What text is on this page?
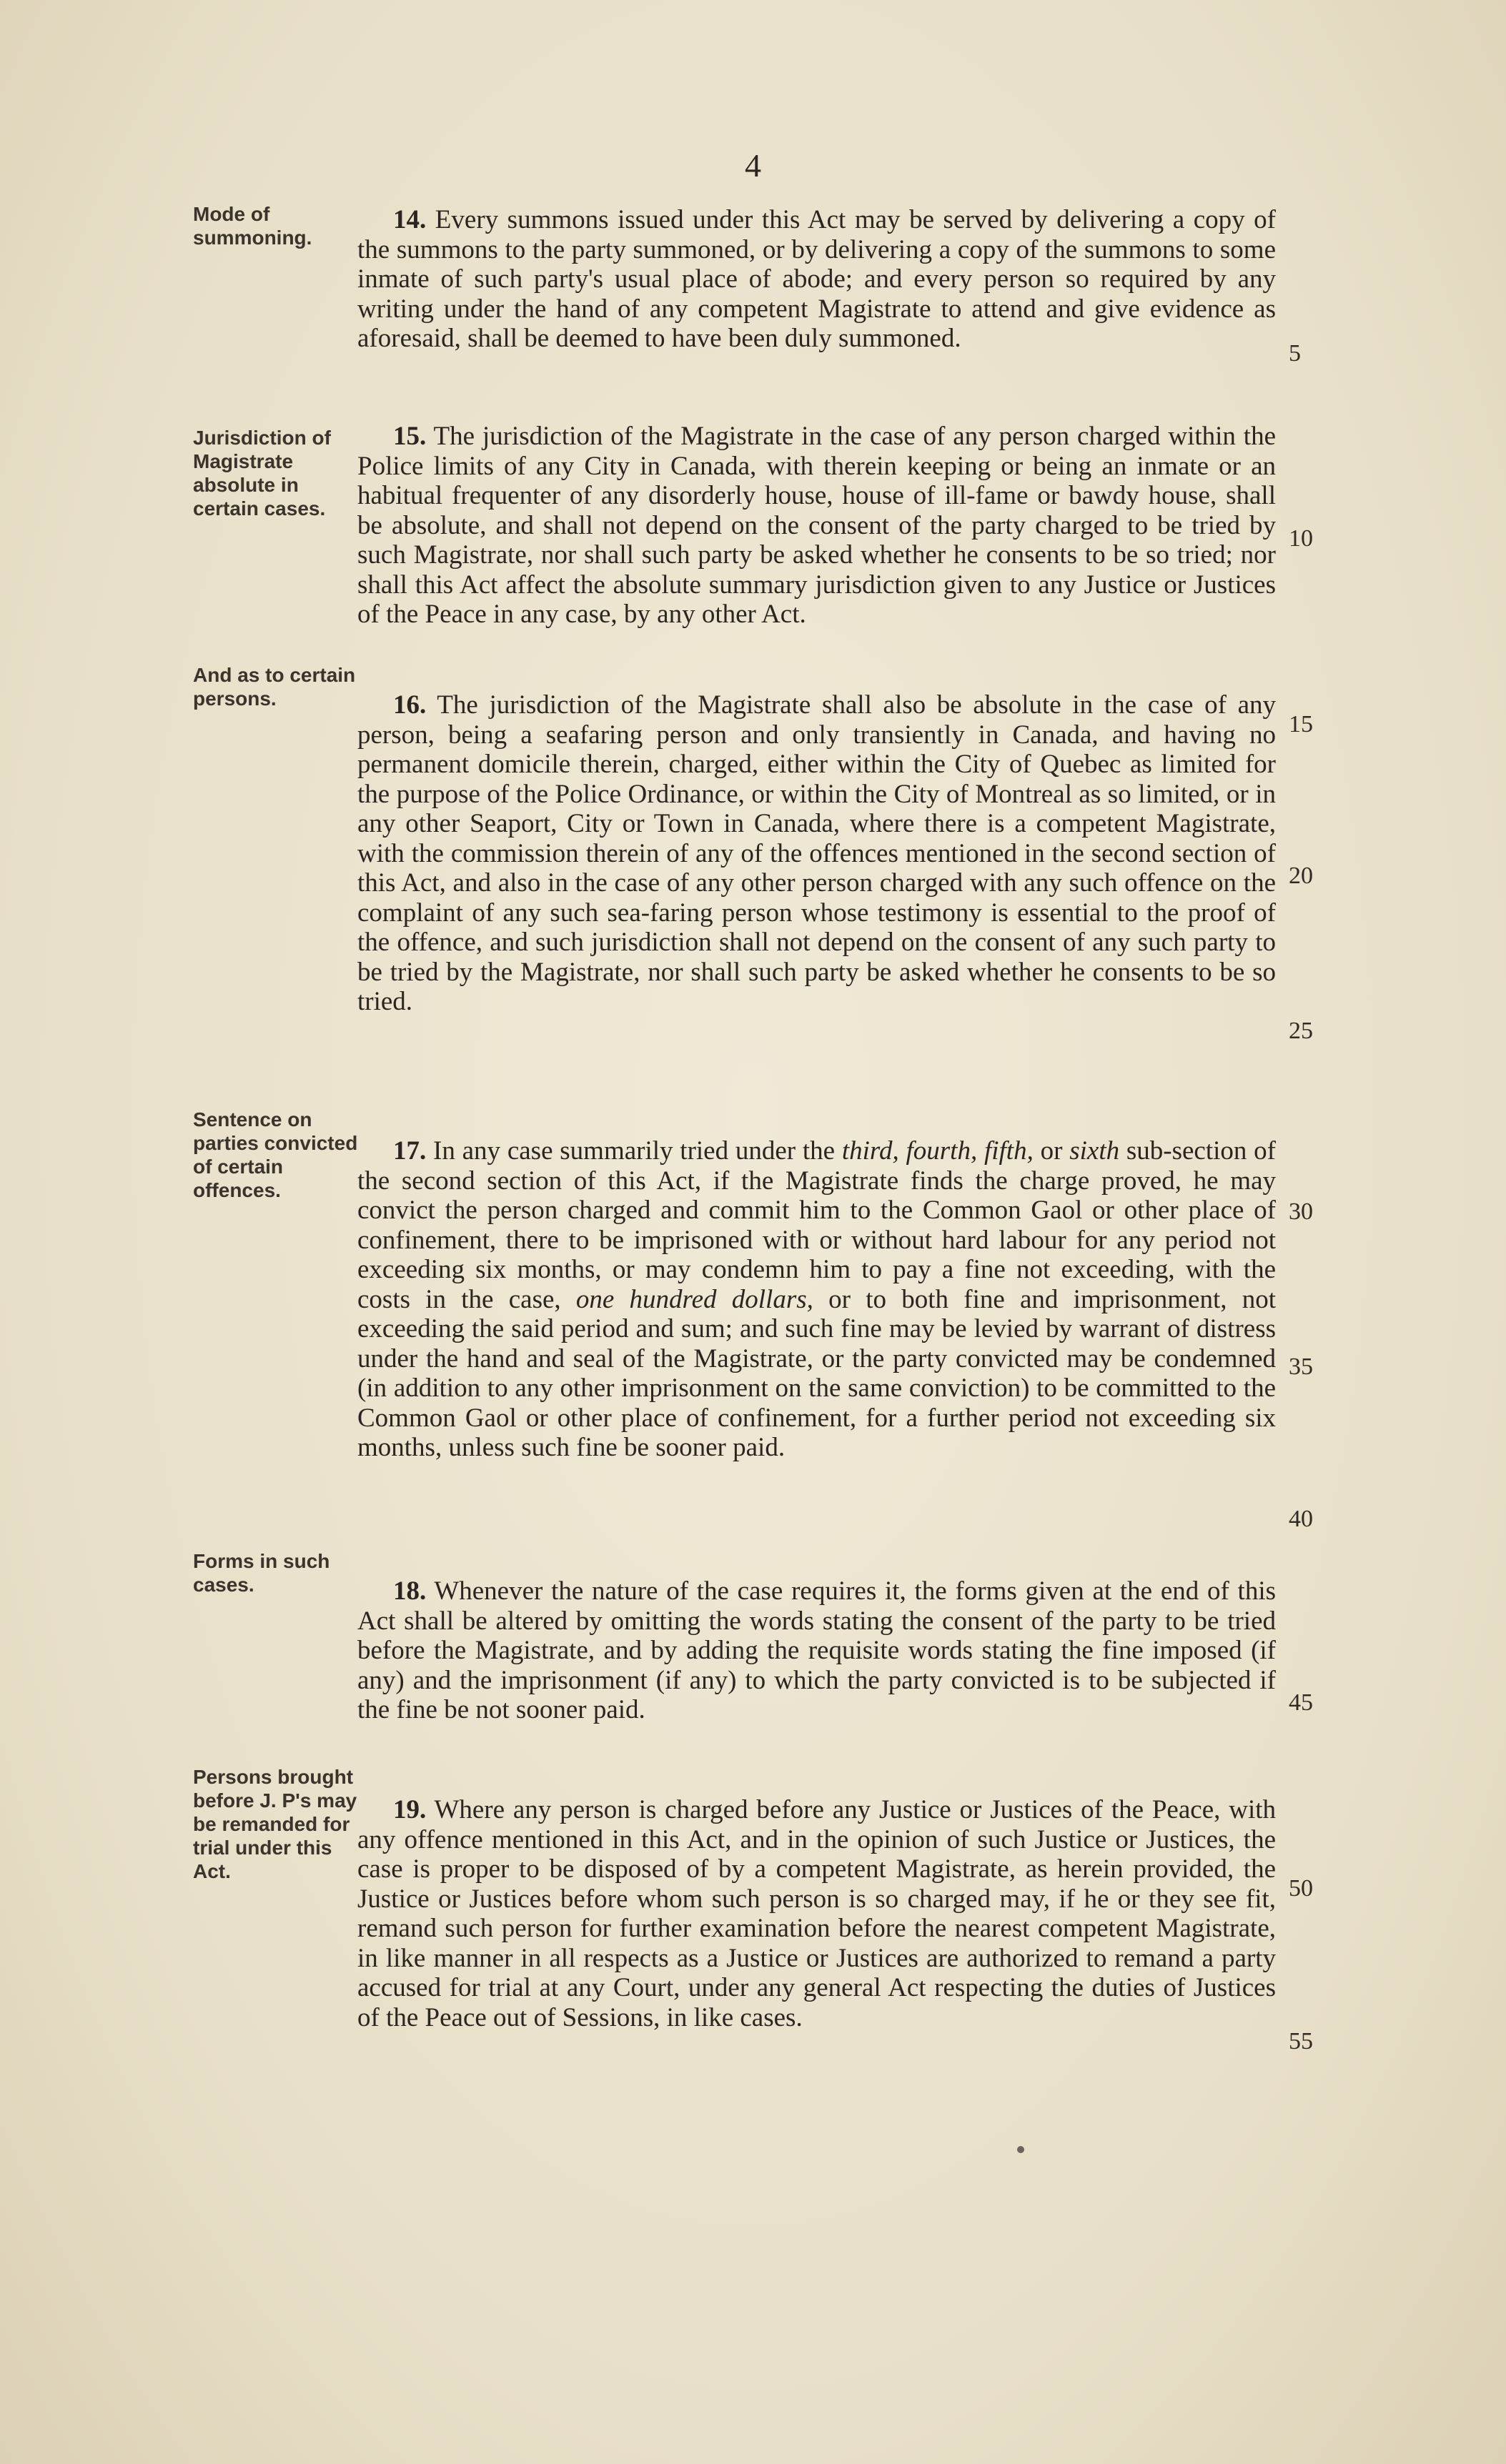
4
Mode of summoning.
14. Every summons issued under this Act may be served by delivering a copy of the summons to the party summoned, or by delivering a copy of the summons to some inmate of such party's usual place of abode; and every person so required by any writing under the hand of any competent Magistrate to attend and give evidence as aforesaid, shall be deemed to have been duly summoned.
Jurisdiction of Magistrate absolute in certain cases.
15. The jurisdiction of the Magistrate in the case of any person charged within the Police limits of any City in Canada, with therein keeping or being an inmate or an habitual frequenter of any disorderly house, house of ill-fame or bawdy house, shall be absolute, and shall not depend on the consent of the party charged to be tried by such Magistrate, nor shall such party be asked whether he consents to be so tried; nor shall this Act affect the absolute summary jurisdiction given to any Justice or Justices of the Peace in any case, by any other Act.
And as to certain persons.	16. The jurisdiction of the Magistrate shall also be absolute in the case of any person, being a seafaring person and only transiently in Canada, and having no permanent domicile therein, charged, either within the City of Quebec as limited for the purpose of the Police Ordinance, or within the City of Montreal as so limited, or in any other Seaport, City or Town in Canada, where there is a competent Magistrate, with the commission therein of any of the offences mentioned in the second section of this Act, and also in the case of any other person charged with any such offence on the complaint of any such sea-faring person whose testimony is essential to the proof of the offence, and such jurisdiction shall not depend on the consent of any such party to be tried by the Magistrate, nor shall such party be asked whether he consents to be so tried.
Sentence on parties convicted of certain offences.
17. In any case summarily tried under the third, fourth, fifth, or sixth sub-section of the second section of this Act, if the Magistrate finds the charge proved, he may convict the person charged and commit him to the Common Gaol or other place of confinement, there to be imprisoned with or without hard labour for any period not exceeding six months, or may condemn him to pay a fine not exceeding, with the costs in the case, one hundred dollars, or to both fine and imprisonment, not exceeding the said period and sum; and such fine may be levied by warrant of distress under the hand and seal of the Magistrate, or the party convicted may be condemned (in addition to any other imprisonment on the same conviction) to be committed to the Common Gaol or other place of confinement, for a further period not exceeding six months, unless such fine be sooner paid.
Forms in such cases.	18. Whenever the nature of the case requires it, the forms given at the end of this Act shall be altered by omitting the words stating the consent of the party to be tried before the Magistrate, and by adding the requisite words stating the fine imposed (if any) and the imprisonment (if any) to which the party convicted is to be subjected if the fine be not sooner paid.
Persons brought before J. P's may be remanded for trial under this Act.
19. Where any person is charged before any Justice or Justices of the Peace, with any offence mentioned in this Act, and in the opinion of such Justice or Justices, the case is proper to be disposed of by a competent Magistrate, as herein provided, the Justice or Justices before whom such person is so charged may, if he or they see fit, remand such person for further examination before the nearest competent Magistrate, in like manner in all respects as a Justice or Justices are authorized to remand a party accused for trial at any Court, under any general Act respecting the duties of Justices of the Peace out of Sessions, in like cases.
5
10
15
20
25
30
35
40
45
50
55
